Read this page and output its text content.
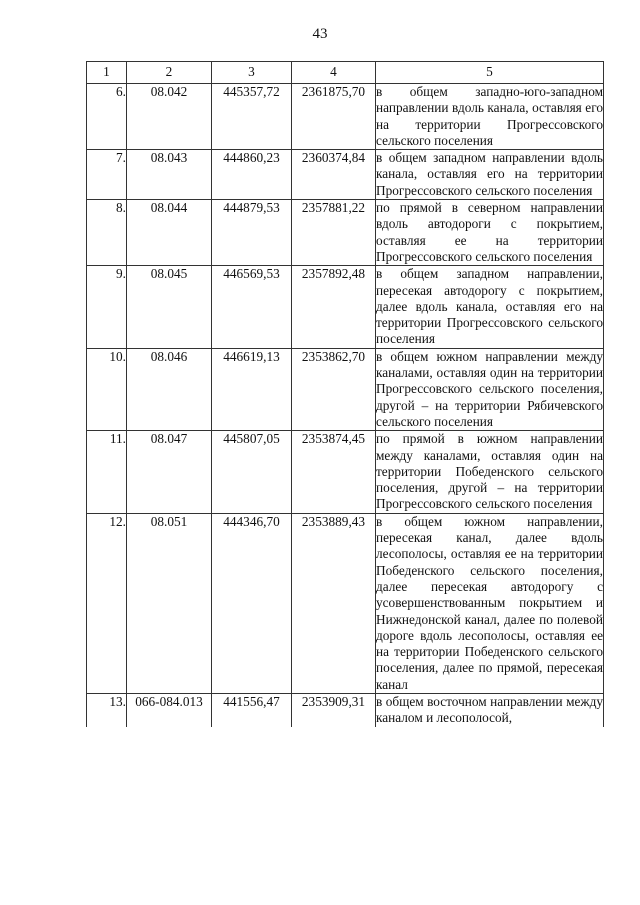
43
1	2	3	4	5
6.	08.042	445357,72	2361875,70	в общем западно-юго-западном направлении вдоль канала, оставляя его на территории Прогрессовского сельского поселения

7.	08.043	444860,23	2360374,84	в общем западном направлении вдоль канала, оставляя его на территории Прогрессовского сельского поселения

8.	08.044	444879,53	2357881,22	по прямой в северном направлении вдоль автодороги с покрытием, оставляя ее на территории Прогрессовского сельского поселения

9.	08.045	446569,53	2357892,48	в общем западном направлении, пересекая автодорогу с покрытием, далее вдоль канала, оставляя его на территории Прогрессовского сельского поселения

10.	08.046	446619,13	2353862,70	в общем южном направлении между каналами, оставляя один на территории Прогрессовского сельского поселения, другой – на территории Рябичевского сельского поселения

11.	08.047	445807,05	2353874,45	по прямой в южном направлении между каналами, оставляя один на территории Победенского сельского поселения, другой – на территории Прогрессовского сельского поселения

12.	08.051	444346,70	2353889,43	в общем южном направлении, пересекая канал, далее вдоль лесополосы, оставляя ее на территории Победенского сельского поселения, далее пересекая автодорогу с усовершенствованным покрытием и Нижнедонской канал, далее по полевой дороге вдоль лесополосы, оставляя ее на территории Победенского сельского поселения, далее по прямой, пересекая канал

13.	066-084.013	441556,47	2353909,31	в общем восточном направлении между каналом и лесополосой,
